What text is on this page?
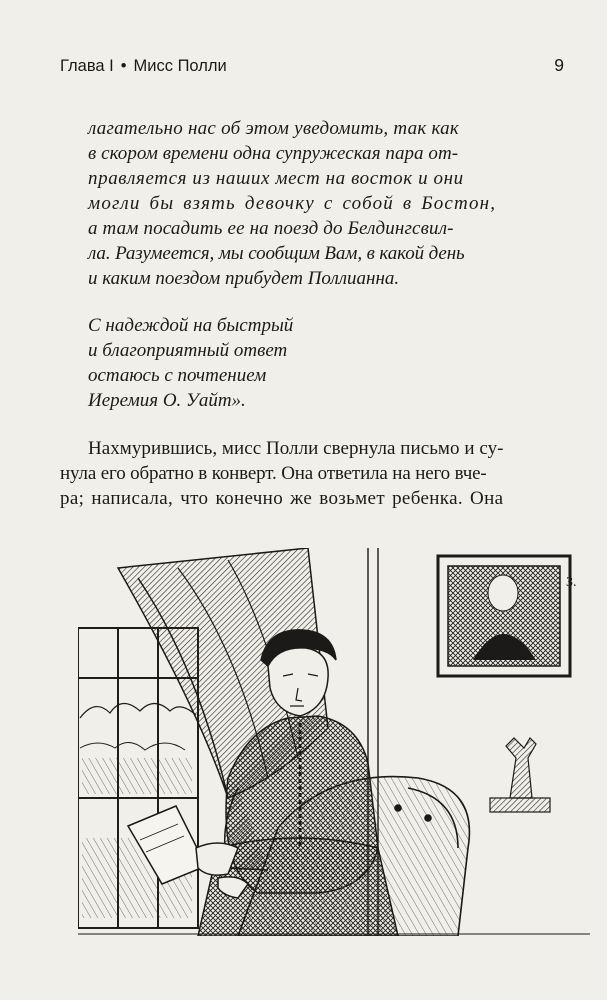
Глава I • Мисс Полли	9
лагательно нас об этом уведомить, так как
в скором времени одна супружеская пара от-
правляется из наших мест на восток и они
могли бы взять девочку с собой в Бостон,
а там посадить ее на поезд до Белдингсвил-
ла. Разумеется, мы сообщим Вам, в какой день
и каким поездом прибудет Поллианна.
С надеждой на быстрый
и благоприятный ответ
остаюсь с почтением
Иеремия О. Уайт».
Нахмурившись, мисс Полли свернула письмо и су-
нула его обратно в конверт. Она ответила на него вче-
ра; написала, что конечно же возьмет ребенка. Она
З.
